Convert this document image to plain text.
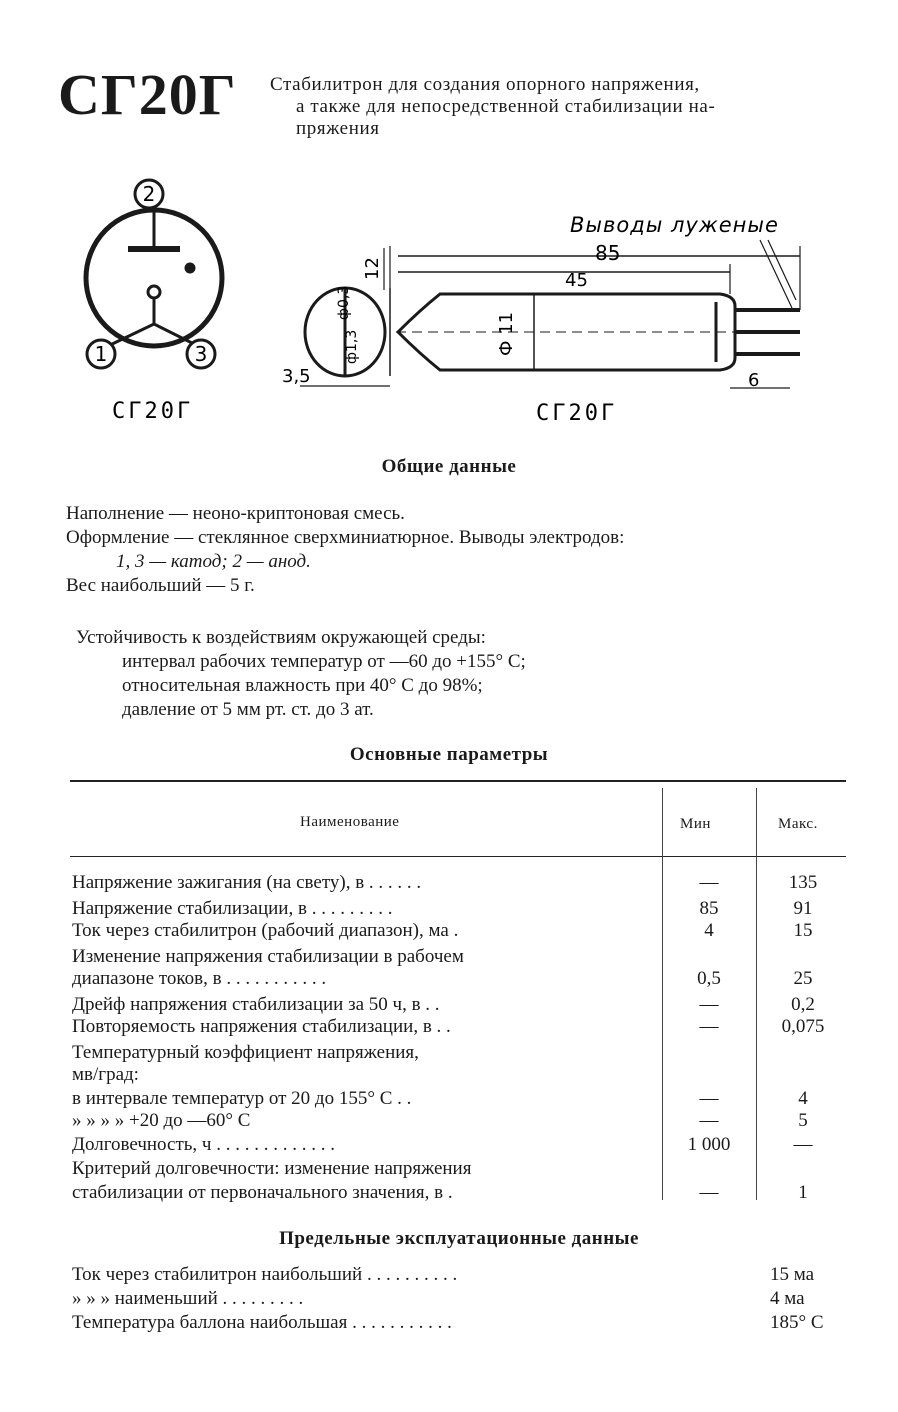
СГ20Г Стабилитрон для создания опорного напряжения,
а также для непосредственной стабилизации на-
пряжения
2
1	3
СГ20Г
Выводы луженые
85
45
Ф 11
12
ф1,3
ф0,3
3,5	6
СГ20Г
Общие данные
Наполнение — неоно-криптоновая смесь.
Оформление — стеклянное сверхминиатюрное. Выводы электродов:
1, 3 — катод; 2 — анод.
Вес наибольший — 5 г.
Устойчивость к воздействиям окружающей среды:
интервал рабочих температур от —60 до +155° С;
относительная влажность при 40° С до 98%;
давление от 5 мм рт. ст. до 3 ат.
Основные параметры
Наименование	Мин	Макс.
Напряжение зажигания (на свету), в . . . . . .	—	135
Напряжение стабилизации, в . . . . . . . . .	85	91
Ток через стабилитрон (рабочий диапазон), ма .	4	15
Изменение напряжения стабилизации в рабочем
диапазоне токов, в . . . . . . . . . . .	0,5	25
Дрейф напряжения стабилизации за 50 ч, в . .	—	0,2
Повторяемость напряжения стабилизации, в . .	—	0,075
Температурный коэффициент напряжения,
мв/град:
в интервале температур от 20 до 155° С . .	—	4
» » » » +20 до —60° С	—	5
Долговечность, ч . . . . . . . . . . . . .	1 000	—
Критерий долговечности: изменение напряжения
стабилизации от первоначального значения, в .	—	1
Предельные эксплуатационные данные
Ток через стабилитрон наибольший . . . . . . . . . .	15 ма
» » » наименьший . . . . . . . . .	4 ма
Температура баллона наибольшая . . . . . . . . . . .	185° С
